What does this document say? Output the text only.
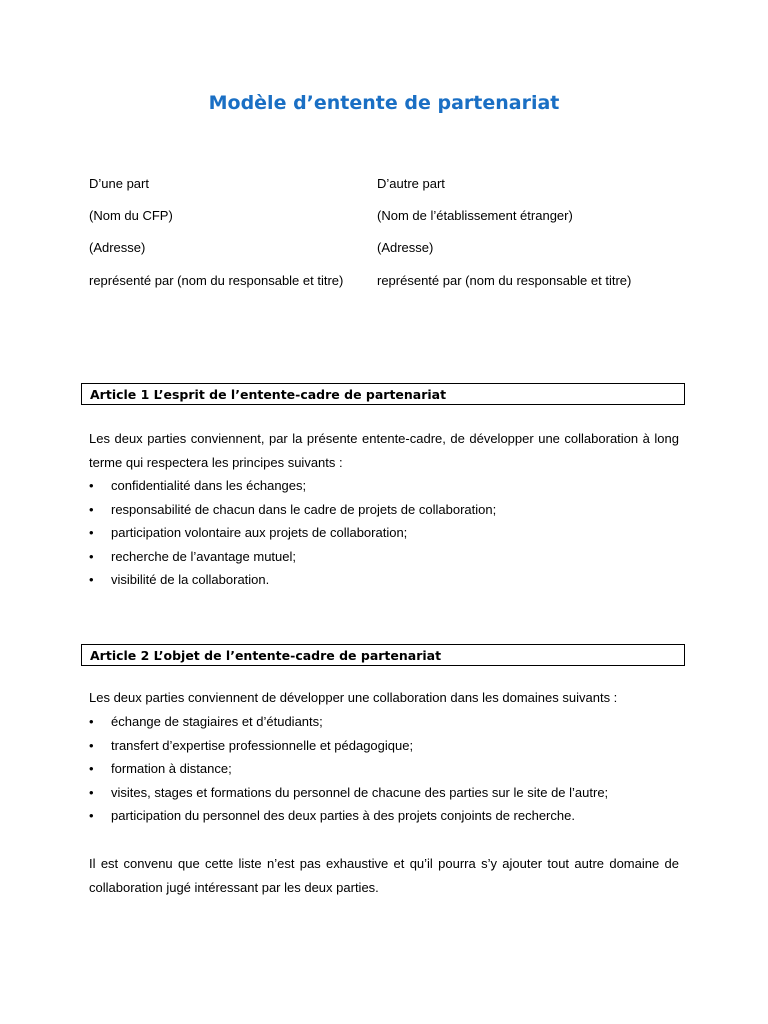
Modèle d’entente de partenariat

D’une part

(Nom du CFP)

(Adresse)

représenté par (nom du responsable et titre)

D’autre part

(Nom de l’établissement étranger)

(Adresse)

représenté par (nom du responsable et titre)

Article 1 L’esprit de l’entente-cadre de partenariat

Les deux parties conviennent, par la présente entente-cadre, de développer une collaboration à long terme qui respectera les principes suivants :

• confidentialité dans les échanges;
• responsabilité de chacun dans le cadre de projets de collaboration;
• participation volontaire aux projets de collaboration;
• recherche de l’avantage mutuel;
• visibilité de la collaboration.
Article 2 L’objet de l’entente-cadre de partenariat

Les deux parties conviennent de développer une collaboration dans les domaines suivants :

• échange de stagiaires et d’étudiants;
• transfert d’expertise professionnelle et pédagogique;
• formation à distance;
• visites, stages et formations du personnel de chacune des parties sur le site de l’autre;
• participation du personnel des deux parties à des projets conjoints de recherche.

Il est convenu que cette liste n’est pas exhaustive et qu’il pourra s’y ajouter tout autre domaine de collaboration jugé intéressant par les deux parties.
